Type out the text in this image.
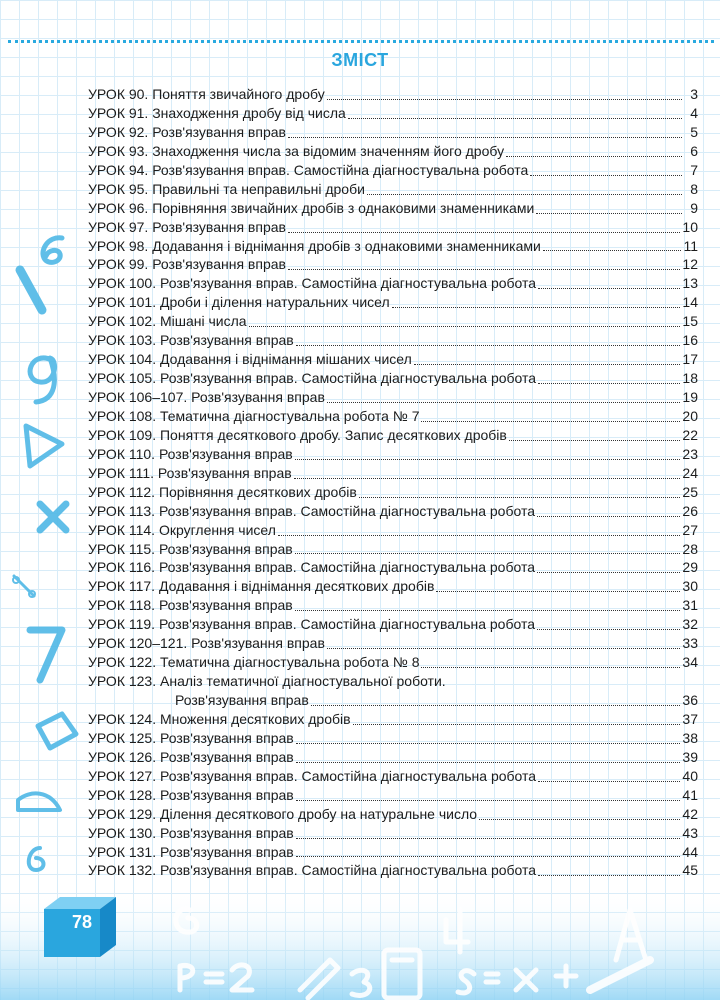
ЗМІСТ
УРОК 90. Поняття звичайного дробу	3
УРОК 91. Знаходження дробу від числа	4
УРОК 92. Розв'язування вправ	5
УРОК 93. Знаходження числа за відомим значенням його дробу	6
УРОК 94. Розв'язування вправ. Самостійна діагностувальна робота	7
УРОК 95. Правильні та неправильні дроби	8
УРОК 96. Порівняння звичайних дробів з однаковими знаменниками	9
УРОК 97. Розв'язування вправ	10
УРОК 98. Додавання і віднімання дробів з однаковими знаменниками	11
УРОК 99. Розв'язування вправ	12
УРОК 100. Розв'язування вправ. Самостійна діагностувальна робота	13
УРОК 101. Дроби і ділення натуральних чисел	14
УРОК 102. Мішані числа	15
УРОК 103. Розв'язування вправ	16
УРОК 104. Додавання і віднімання мішаних чисел	17
УРОК 105. Розв'язування вправ. Самостійна діагностувальна робота	18
УРОК 106–107. Розв'язування вправ	19
УРОК 108. Тематична діагностувальна робота № 7	20
УРОК 109. Поняття десяткового дробу. Запис десяткових дробів	22
УРОК 110. Розв'язування вправ	23
УРОК 111. Розв'язування вправ	24
УРОК 112. Порівняння десяткових дробів	25
УРОК 113. Розв'язування вправ. Самостійна діагностувальна робота	26
УРОК 114. Округлення чисел	27
УРОК 115. Розв'язування вправ	28
УРОК 116. Розв'язування вправ. Самостійна діагностувальна робота	29
УРОК 117. Додавання і віднімання десяткових дробів	30
УРОК 118. Розв'язування вправ	31
УРОК 119. Розв'язування вправ. Самостійна діагностувальна робота	32
УРОК 120–121. Розв'язування вправ	33
УРОК 122. Тематична діагностувальна робота № 8	34
УРОК 123. Аналіз тематичної діагностувальної роботи.
Розв'язування вправ	36
УРОК 124. Множення десяткових дробів	37
УРОК 125. Розв'язування вправ	38
УРОК 126. Розв'язування вправ	39
УРОК 127. Розв'язування вправ. Самостійна діагностувальна робота	40
УРОК 128. Розв'язування вправ	41
УРОК 129. Ділення десяткового дробу на натуральне число	42
УРОК 130. Розв'язування вправ	43
УРОК 131. Розв'язування вправ	44
УРОК 132. Розв'язування вправ. Самостійна діагностувальна робота	45
78
